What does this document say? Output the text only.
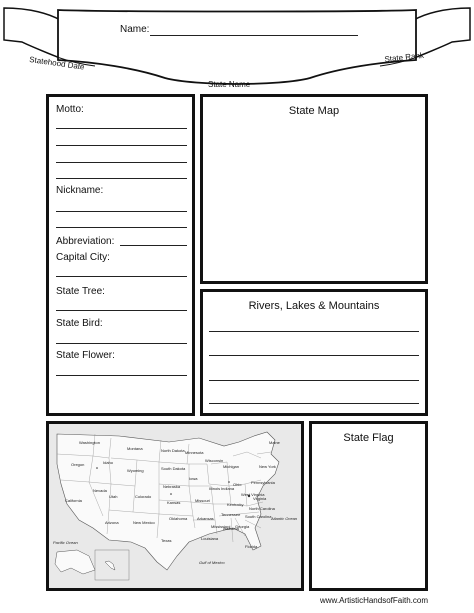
Name:
Statehood Date	State Rank
State Name
Motto:
Nickname:
Abbreviation:
Capital City:
State Tree:
State Bird:
State Flower:
State Map
Rivers, Lakes & Mountains
Washington
Oregon
California
Nevada
Idaho
Montana
Wyoming
Utah	Colorado
Arizona	New Mexico
North Dakota
South Dakota
Nebraska
Kansas
Oklahoma
Texas
Minnesota
Iowa
Missouri
Arkansas
Louisiana
Wisconsin
Illinois
Michigan
Indiana
Ohio
Kentucky
Tennessee
Mississippi
Alabama
Georgia
Florida
South Carolina
North Carolina
Virginia
West Virginia
Pennsylvania
New York
Maine
Pacific Ocean
Atlantic Ocean
Gulf of Mexico
State Flag
www.ArtisticHandsofFaith.com
